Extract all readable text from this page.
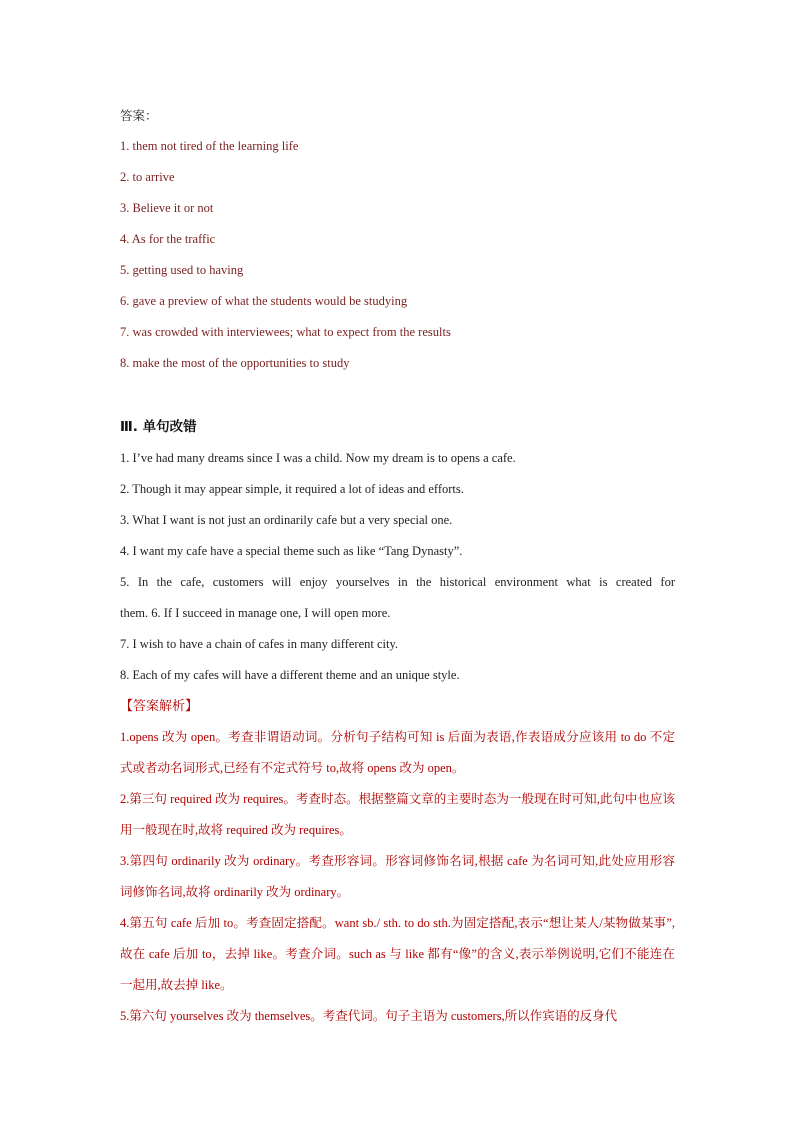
答案：
1. them not tired of the learning life
2. to arrive
3. Believe it or not
4. As for the traffic
5. getting used to having
6. gave a preview of what the students would be studying
7. was crowded with interviewees; what to expect from the results
8. make the most of the opportunities to study
Ⅲ. 单句改错
1. I’ve had many dreams since I was a child. Now my dream is to opens a cafe.
2. Though it may appear simple, it required a lot of ideas and efforts.
3. What I want is not just an ordinarily cafe but a very special one.
4. I want my cafe have a special theme such as like “Tang Dynasty”.
5. In the cafe, customers will enjoy yourselves in the historical environment what is created for
them. 6. If I succeed in manage one, I will open more.
7. I wish to have a chain of cafes in many different city.
8. Each of my cafes will have a different theme and an unique style.
【答案解析】

1.opens 改为 open。考查非谓语动词。分析句子结构可知 is 后面为表语,作表语成分应该用 to do 不定式或者动名词形式,已经有不定式符号 to,故将 opens 改为 open。

2.第三句 required 改为 requires。考查时态。根据整篇文章的主要时态为一般现在时可知,此句中也应该用一般现在时,故将 required 改为 requires。

3.第四句 ordinarily 改为 ordinary。考查形容词。形容词修饰名词,根据 cafe 为名词可知,此处应用形容词修饰名词,故将 ordinarily 改为 ordinary。

4.第五句 cafe 后加 to。考查固定搭配。want sb./ sth. to do sth.为固定搭配,表示“想让某人/某物做某事”,故在 cafe 后加 to，去掉 like。考查介词。such as 与 like 都有“像”的含义,表示举例说明,它们不能连在一起用,故去掉 like。

5.第六句 yourselves 改为 themselves。考查代词。句子主语为 customers,所以作宾语的反身代
